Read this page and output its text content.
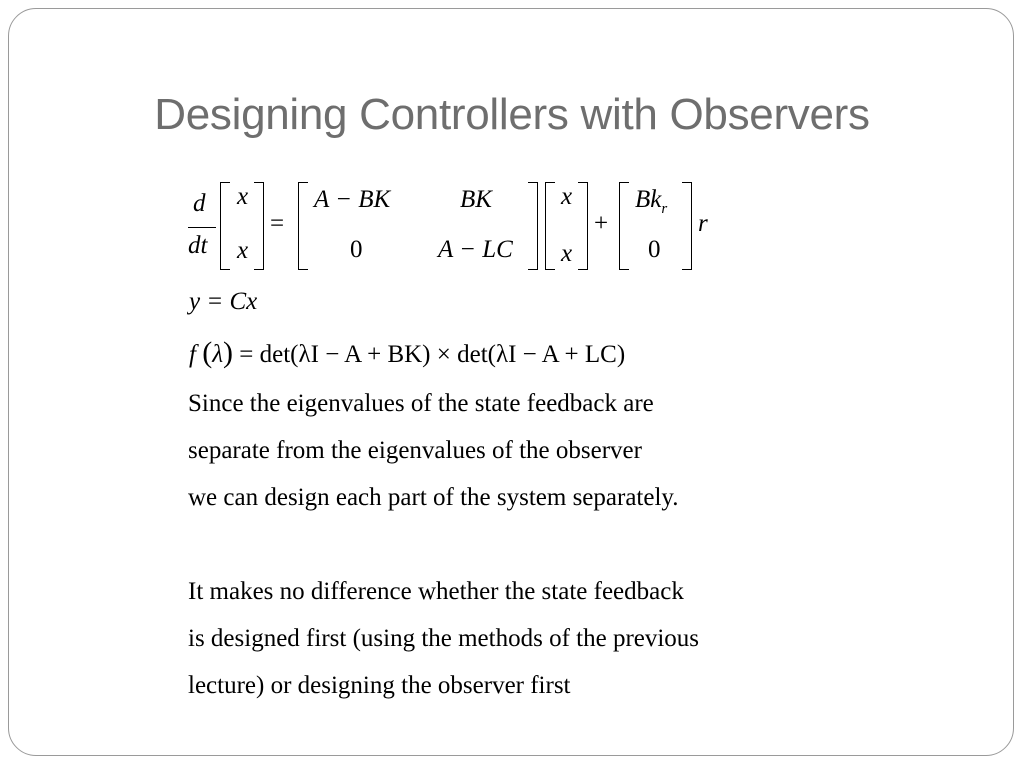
Designing Controllers with Observers
d
dt
x
x
=
A − BK	BK
0	A − LC
x
x
+
$Bk_r$
0
r
y = Cx
f (λ) = det(λI − A + BK) × det(λI − A + LC)
Since the eigenvalues of the state feedback are
separate from the eigenvalues of the observer
we can design each part of the system separately.
It makes no difference whether the state feedback
is designed first (using the methods of the previous
lecture) or designing the observer first
